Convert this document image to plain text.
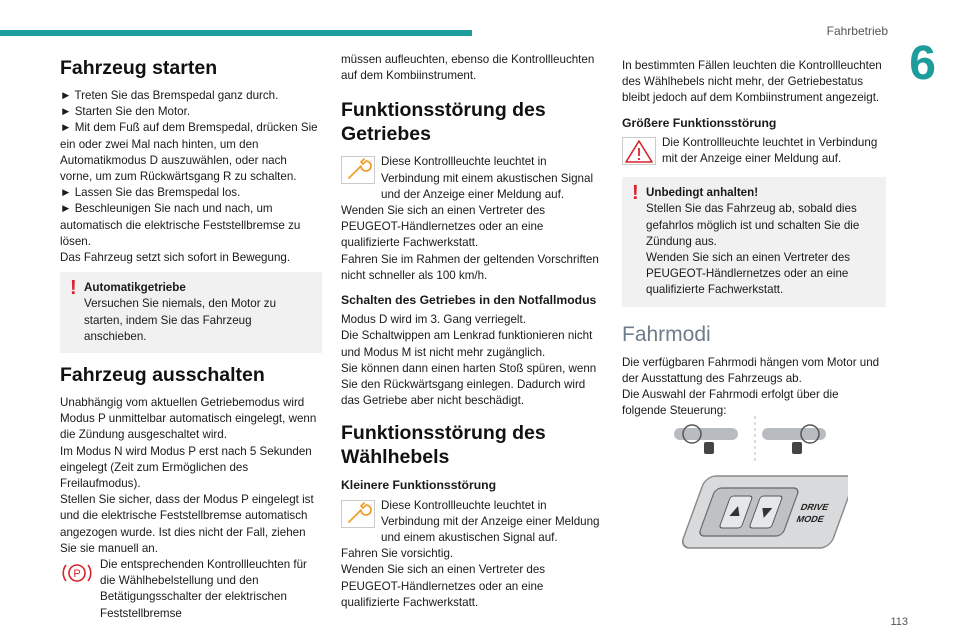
Fahrbetrieb
6
113
Fahrzeug starten

► Treten Sie das Bremspedal ganz durch.

► Starten Sie den Motor.

► Mit dem Fuß auf dem Bremspedal, drücken Sie ein oder zwei Mal nach hinten, um den Automatikmodus D auszuwählen, oder nach vorne, um zum Rückwärtsgang R zu schalten.

► Lassen Sie das Bremspedal los.

► Beschleunigen Sie nach und nach, um automatisch die elektrische Feststellbremse zu lösen.

Das Fahrzeug setzt sich sofort in Bewegung.

! Automatikgetriebe

Versuchen Sie niemals, den Motor zu starten, indem Sie das Fahrzeug anschieben.

Fahrzeug ausschalten

Unabhängig vom aktuellen Getriebemodus wird Modus P unmittelbar automatisch eingelegt, wenn die Zündung ausgeschaltet wird.

Im Modus N wird Modus P erst nach 5 Sekunden eingelegt (Zeit zum Ermöglichen des Freilaufmodus).

Stellen Sie sicher, dass der Modus P eingelegt ist und die elektrische Feststellbremse automatisch angezogen wurde. Ist dies nicht der Fall, ziehen Sie sie manuell an.

P

Die entsprechenden Kontrollleuchten für die Wählhebelstellung und den Betätigungsschalter der elektrischen Feststellbremse

müssen aufleuchten, ebenso die Kontrollleuchten auf dem Kombiinstrument.

Funktionsstörung des Getriebes

Diese Kontrollleuchte leuchtet in Verbindung mit einem akustischen Signal und der Anzeige einer Meldung auf.

Wenden Sie sich an einen Vertreter des PEUGEOT-Händlernetzes oder an eine qualifizierte Fachwerkstatt.

Fahren Sie im Rahmen der geltenden Vorschriften nicht schneller als 100 km/h.

Schalten des Getriebes in den Notfallmodus

Modus D wird im 3. Gang verriegelt.

Die Schaltwippen am Lenkrad funktionieren nicht und Modus M ist nicht mehr zugänglich.

Sie können dann einen harten Stoß spüren, wenn Sie den Rückwärtsgang einlegen. Dadurch wird das Getriebe aber nicht beschädigt.

Funktionsstörung des Wählhebels
Kleinere Funktionsstörung

Diese Kontrollleuchte leuchtet in Verbindung mit der Anzeige einer Meldung und einem akustischen Signal auf.

Fahren Sie vorsichtig.

Wenden Sie sich an einen Vertreter des PEUGEOT-Händlernetzes oder an eine qualifizierte Fachwerkstatt.

In bestimmten Fällen leuchten die Kontrollleuchten des Wählhebels nicht mehr, der Getriebestatus bleibt jedoch auf dem Kombiinstrument angezeigt.

Größere Funktionsstörung

Die Kontrollleuchte leuchtet in Verbindung mit der Anzeige einer Meldung auf.

! Unbedingt anhalten!

Stellen Sie das Fahrzeug ab, sobald dies gefahrlos möglich ist und schalten Sie die Zündung aus.

Wenden Sie sich an einen Vertreter des PEUGEOT-Händlernetzes oder an eine qualifizierte Fachwerkstatt.

Fahrmodi

Die verfügbaren Fahrmodi hängen vom Motor und der Ausstattung des Fahrzeugs ab.

Die Auswahl der Fahrmodi erfolgt über die folgende Steuerung:

DRIVE
MODE
